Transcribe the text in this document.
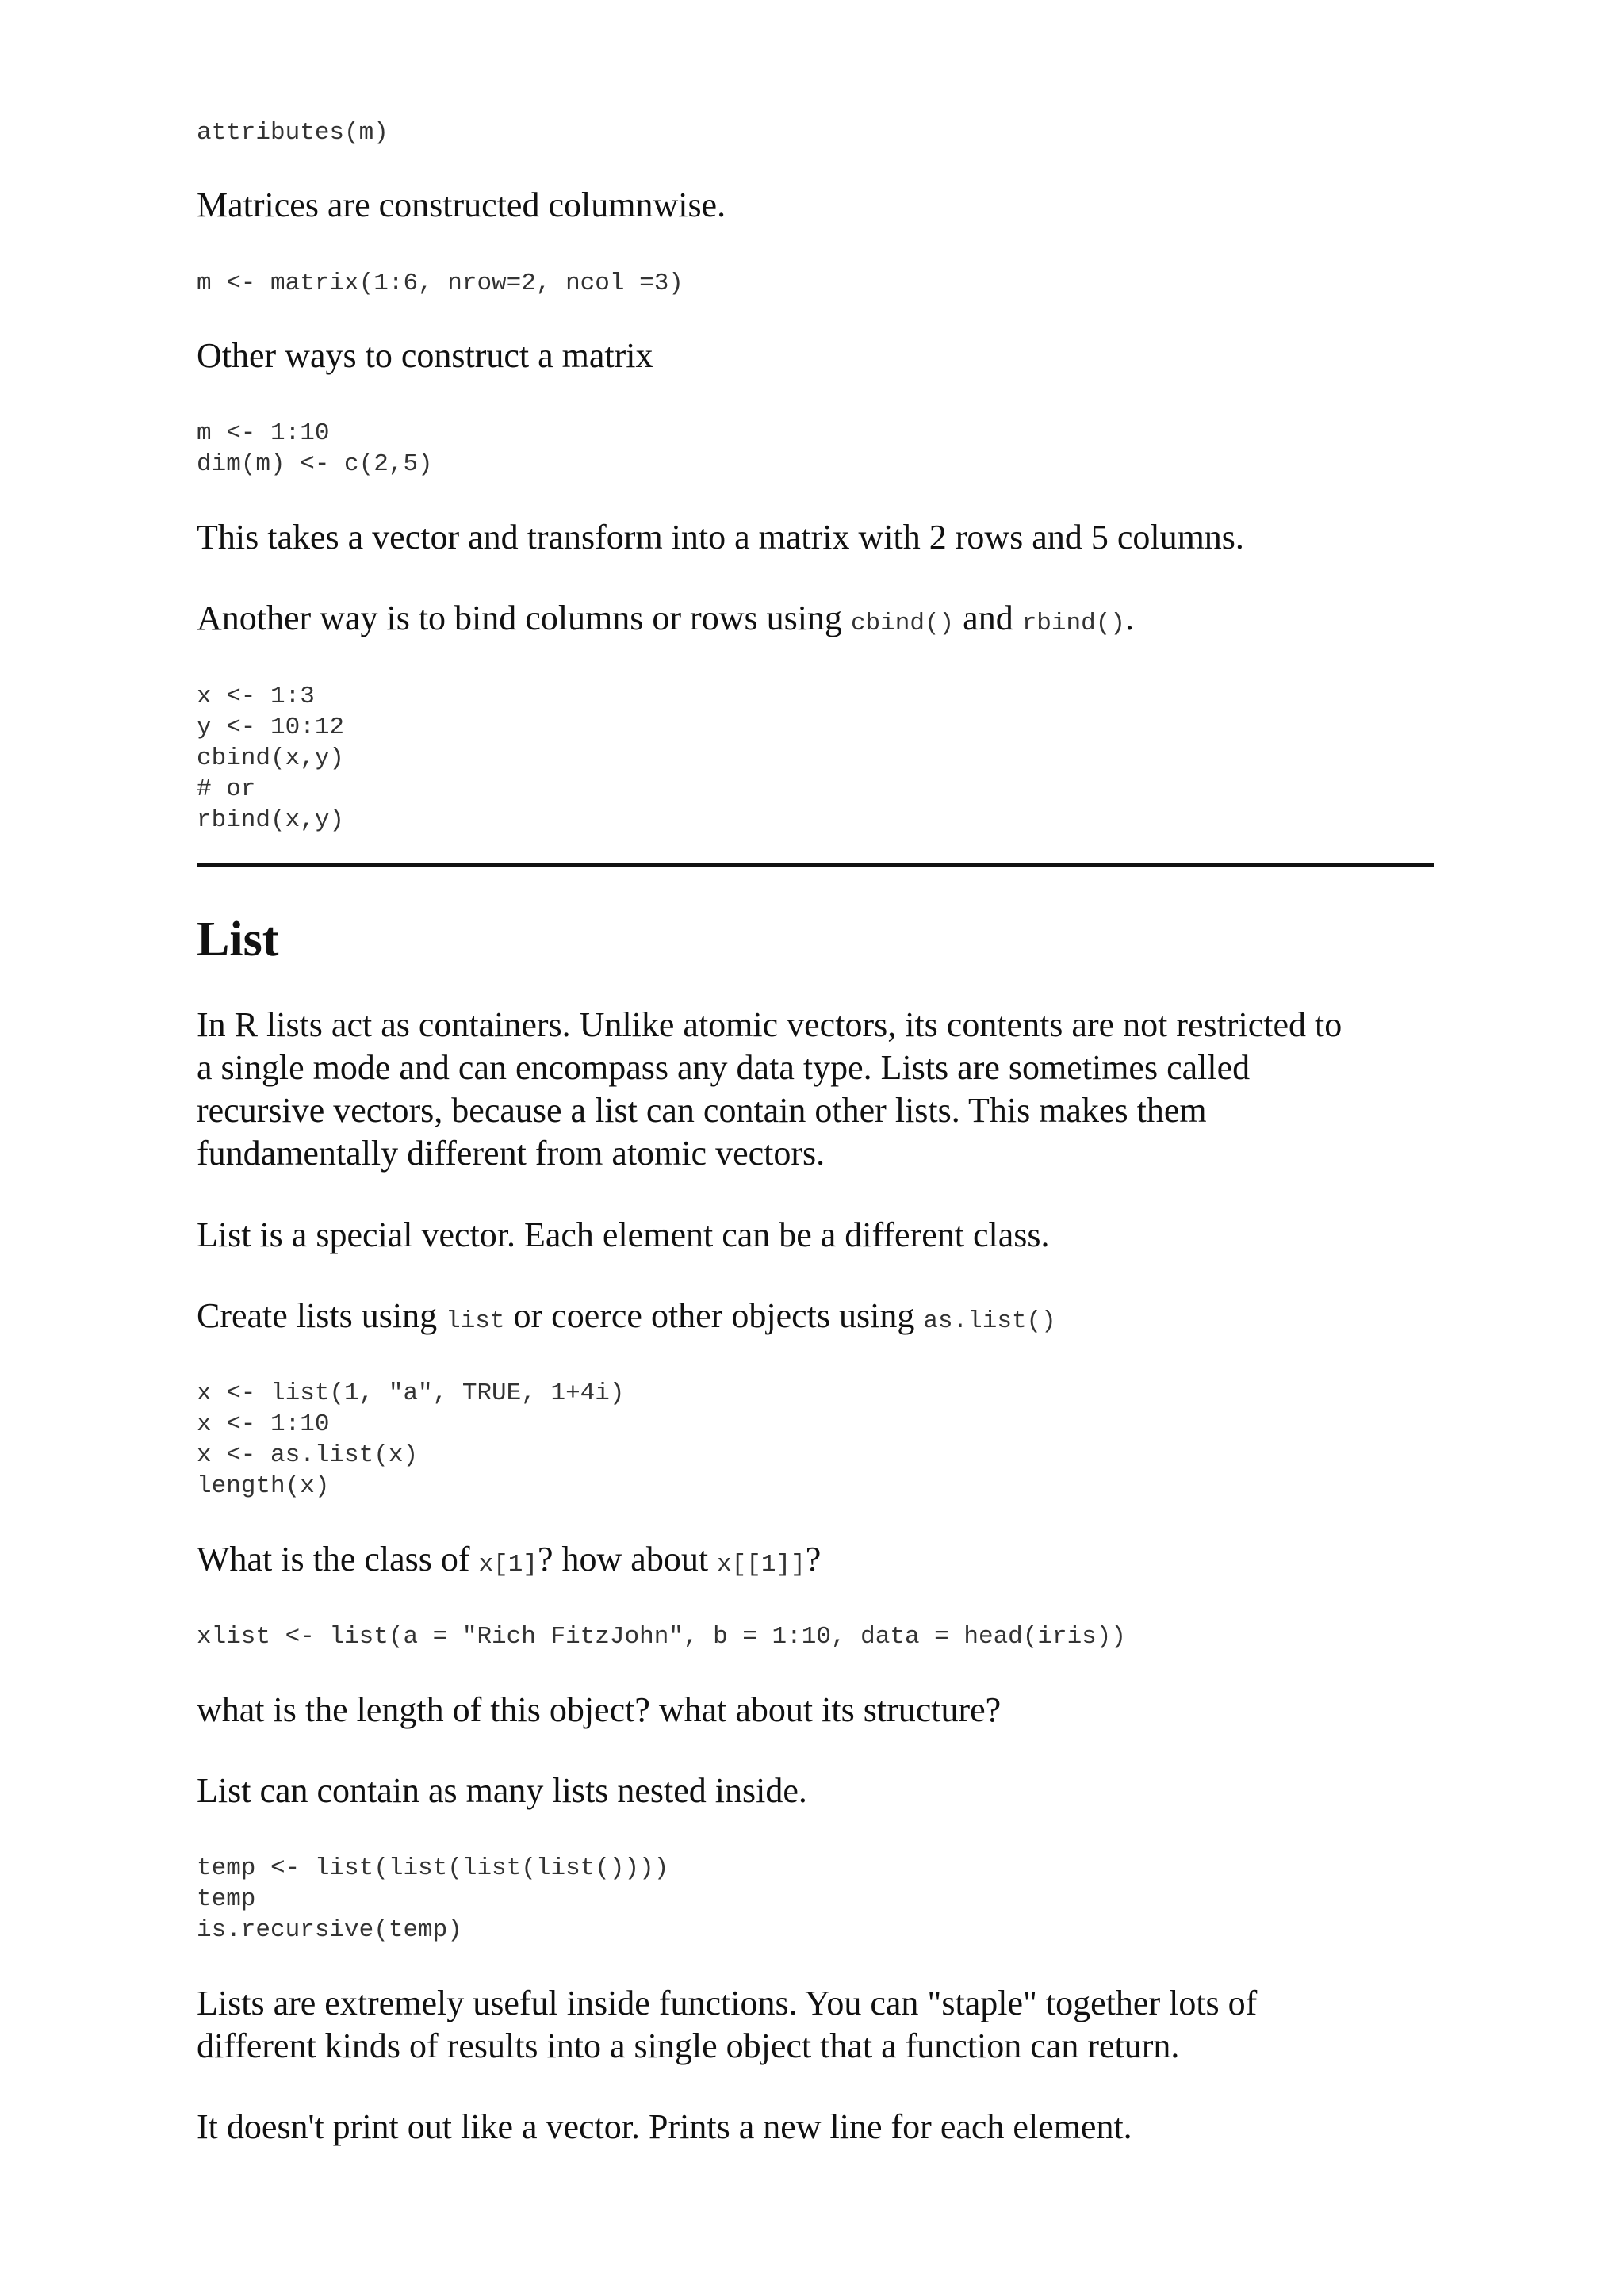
attributes(m)

Matrices are constructed columnwise.

m <- matrix(1:6, nrow=2, ncol =3)

Other ways to construct a matrix

m <- 1:10
dim(m) <- c(2,5)

This takes a vector and transform into a matrix with 2 rows and 5 columns.

Another way is to bind columns or rows using cbind() and rbind().

x <- 1:3
y <- 10:12
cbind(x,y)
# or
rbind(x,y)
List

In R lists act as containers. Unlike atomic vectors, its contents are not restricted to
a single mode and can encompass any data type. Lists are sometimes called
recursive vectors, because a list can contain other lists. This makes them
fundamentally different from atomic vectors.

List is a special vector. Each element can be a different class.

Create lists using list or coerce other objects using as.list()

x <- list(1, "a", TRUE, 1+4i)
x <- 1:10
x <- as.list(x)
length(x)

What is the class of x[1]? how about x[[1]]?

xlist <- list(a = "Rich FitzJohn", b = 1:10, data = head(iris))

what is the length of this object? what about its structure?

List can contain as many lists nested inside.

temp <- list(list(list(list())))
temp
is.recursive(temp)

Lists are extremely useful inside functions. You can "staple" together lots of
different kinds of results into a single object that a function can return.

It doesn't print out like a vector. Prints a new line for each element.
